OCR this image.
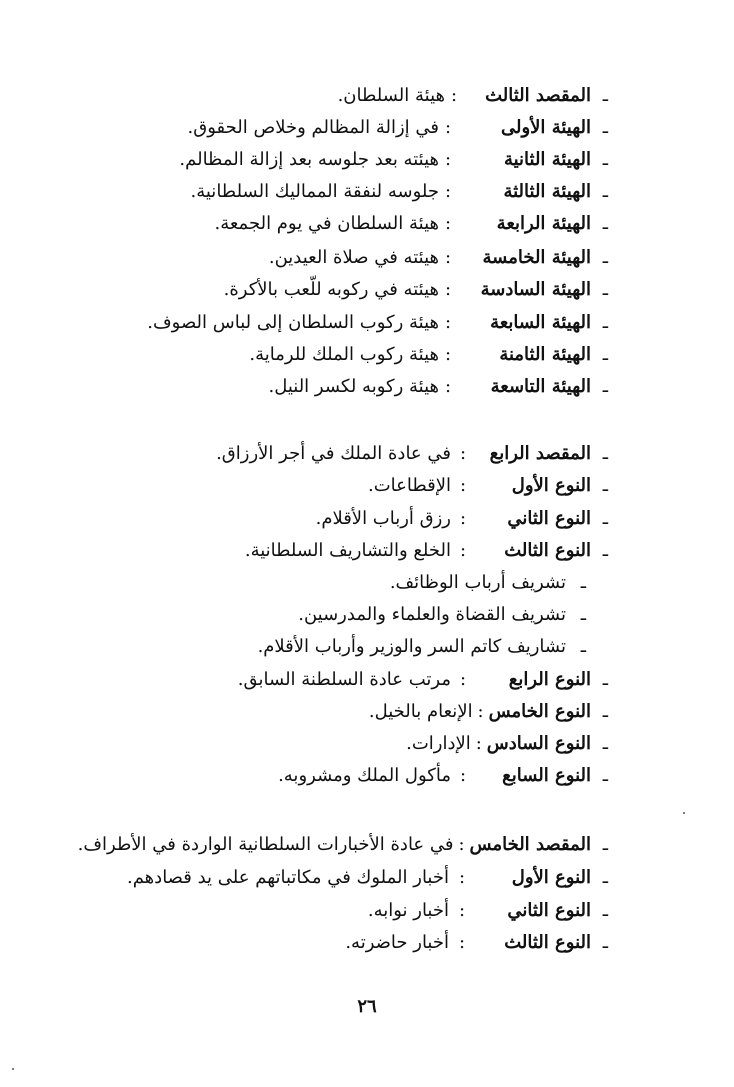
ـالمقصد الثالث:هيئة السلطان.
ـالهيئة الأولى:في إزالة المظالم وخلاص الحقوق.
ـالهيئة الثانية:هيئته بعد جلوسه بعد إزالة المظالم.
ـالهيئة الثالثة:جلوسه لنفقة المماليك السلطانية.
ـالهيئة الرابعة:هيئة السلطان في يوم الجمعة.
ـالهيئة الخامسة:هيئته في صلاة العيدين.
ـالهيئة السادسة:هيئته في ركوبه للّعب بالأكرة.
ـالهيئة السابعة:هيئة ركوب السلطان إلى لباس الصوف.
ـالهيئة الثامنة:هيئة ركوب الملك للرماية.
ـالهيئة التاسعة:هيئة ركوبه لكسر النيل.
ـالمقصد الرابع:في عادة الملك في أجر الأرزاق.
ـالنوع الأول:الإقطاعات.
ـالنوع الثاني:رزق أرباب الأقلام.
ـالنوع الثالث:الخلع والتشاريف السلطانية.
ـتشريف أرباب الوظائف.
ـتشريف القضاة والعلماء والمدرسين.
ـتشاريف كاتم السر والوزير وأرباب الأقلام.
ـالنوع الرابع:مرتب عادة السلطنة السابق.
ـالنوع الخامس:الإنعام بالخيل.
ـالنوع السادس:الإدارات.
ـالنوع السابع:مأكول الملك ومشروبه.
ـالمقصد الخامس:في عادة الأخبارات السلطانية الواردة في الأطراف.
ـالنوع الأول:أخبار الملوك في مكاتباتهم على يد قصادهم.
ـالنوع الثاني:أخبار نوابه.
ـالنوع الثالث:أخبار حاضرته.
٢٦
